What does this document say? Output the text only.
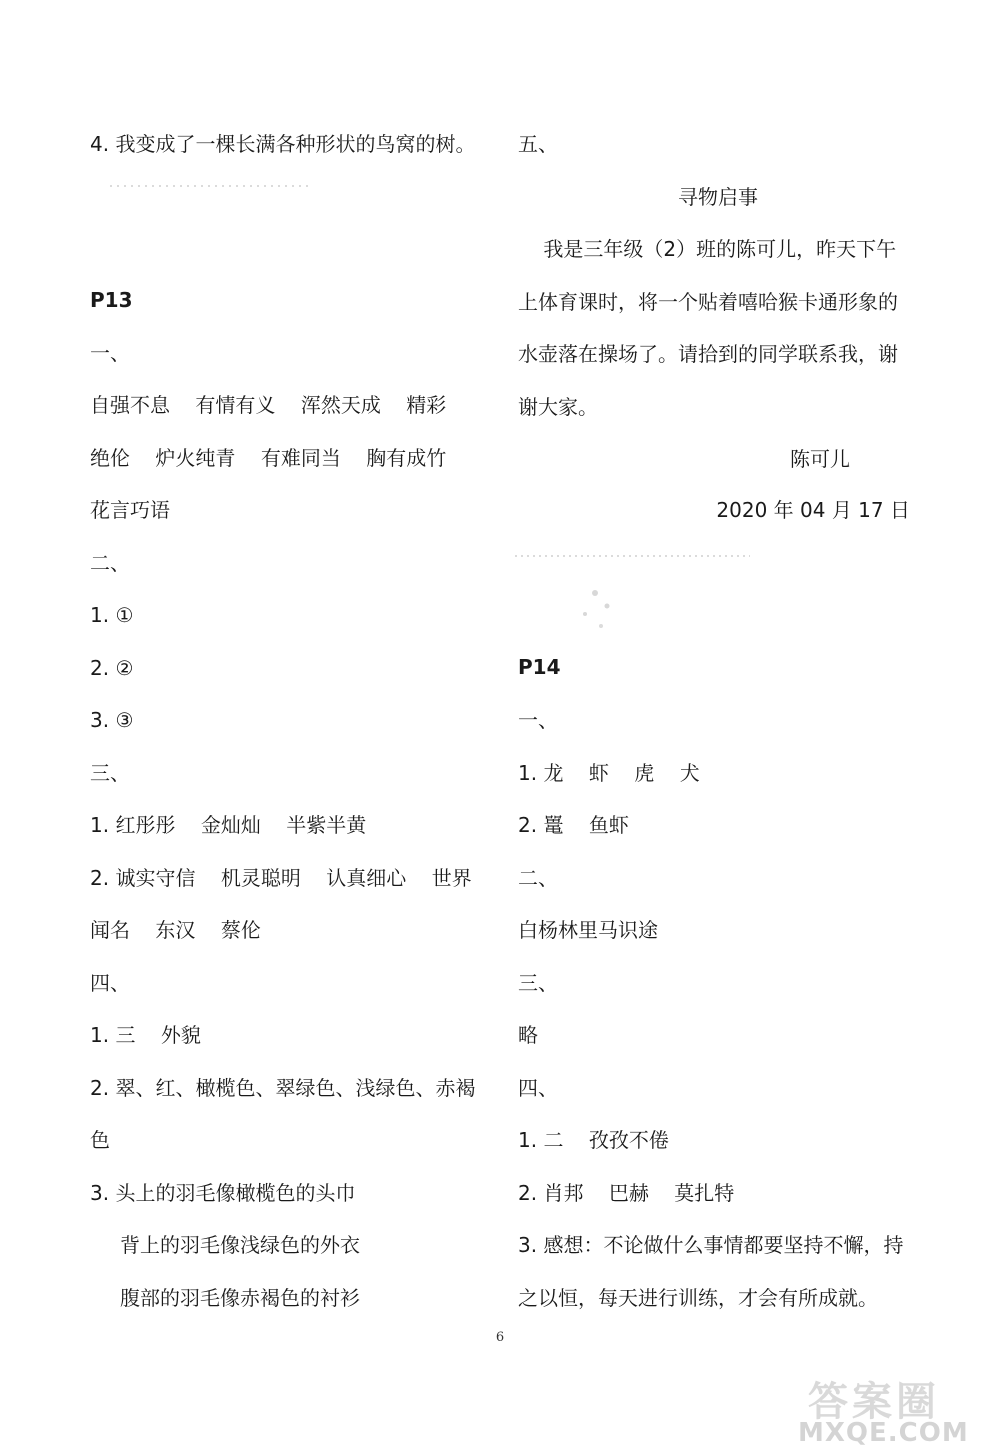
4. 我变成了一棵长满各种形状的鸟窝的树。
P13
一、
自强不息    有情有义    浑然天成    精彩
绝伦    炉火纯青    有难同当    胸有成竹
花言巧语
二、
1. ①
2. ②
3. ③
三、
1. 红彤彤    金灿灿    半紫半黄
2. 诚实守信    机灵聪明    认真细心    世界
闻名    东汉    蔡伦
四、
1. 三    外貌
2. 翠、红、橄榄色、翠绿色、浅绿色、赤褐
色
3. 头上的羽毛像橄榄色的头巾
背上的羽毛像浅绿色的外衣
腹部的羽毛像赤褐色的衬衫
五、
寻物启事
我是三年级（2）班的陈可儿，昨天下午
上体育课时，将一个贴着嘻哈猴卡通形象的
水壶落在操场了。请拾到的同学联系我，谢
谢大家。
陈可儿
2020 年 04 月 17 日
P14
一、
1. 龙    虾    虎    犬
2. 鼍    鱼虾
二、
白杨林里马识途
三、
略
四、
1. 二    孜孜不倦
2. 肖邦    巴赫    莫扎特
3. 感想：不论做什么事情都要坚持不懈，持
之以恒，每天进行训练，才会有所成就。
6
答案圈
MXQE.COM
